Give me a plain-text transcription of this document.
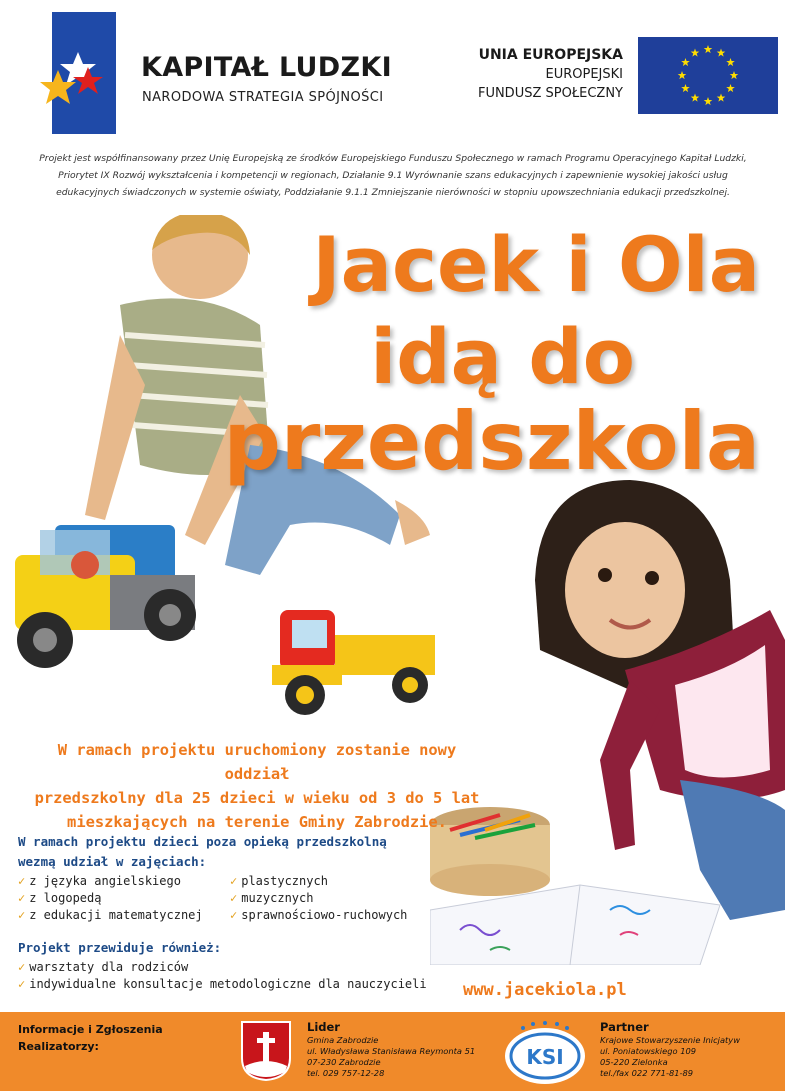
KAPITAŁ LUDZKI
NARODOWA STRATEGIA SPÓJNOŚCI
UNIA EUROPEJSKA
EUROPEJSKI
FUNDUSZ SPOŁECZNY
Projekt jest współfinansowany przez Unię Europejską ze środków Europejskiego Funduszu Społecznego w ramach Programu Operacyjnego Kapitał Ludzki, Priorytet IX Rozwój wykształcenia i kompetencji w regionach, Działanie 9.1 Wyrównanie szans edukacyjnych i zapewnienie wysokiej jakości usług edukacyjnych świadczonych w systemie oświaty, Poddziałanie 9.1.1 Zmniejszanie nierówności w stopniu upowszechniania edukacji przedszkolnej.
Jacek i Ola
idą do
przedszkola
W ramach projektu uruchomiony zostanie nowy oddział
przedszkolny dla 25 dzieci w wieku od 3 do 5 lat
mieszkających na terenie Gminy Zabrodzie.
W ramach projektu dzieci poza opieką przedszkolną
wezmą udział w zajęciach:
✓ z języka angielskiego
✓ z logopedą
✓ z edukacji matematycznej
✓ plastycznych
✓ muzycznych
✓ sprawnościowo-ruchowych
Projekt przewiduje również:
✓ warsztaty dla rodziców
✓ indywidualne konsultacje metodologiczne dla nauczycieli www.jacekiola.pl
Informacje i Zgłoszenia
Realizatorzy:
Lider
Gmina Zabrodzie
ul. Władysława Stanisława Reymonta 51
07-230 Zabrodzie
tel. 029 757-12-28
KSI
Partner
Krajowe Stowarzyszenie Inicjatyw
ul. Poniatowskiego 109
05-220 Zielonka
tel./fax 022 771-81-89
